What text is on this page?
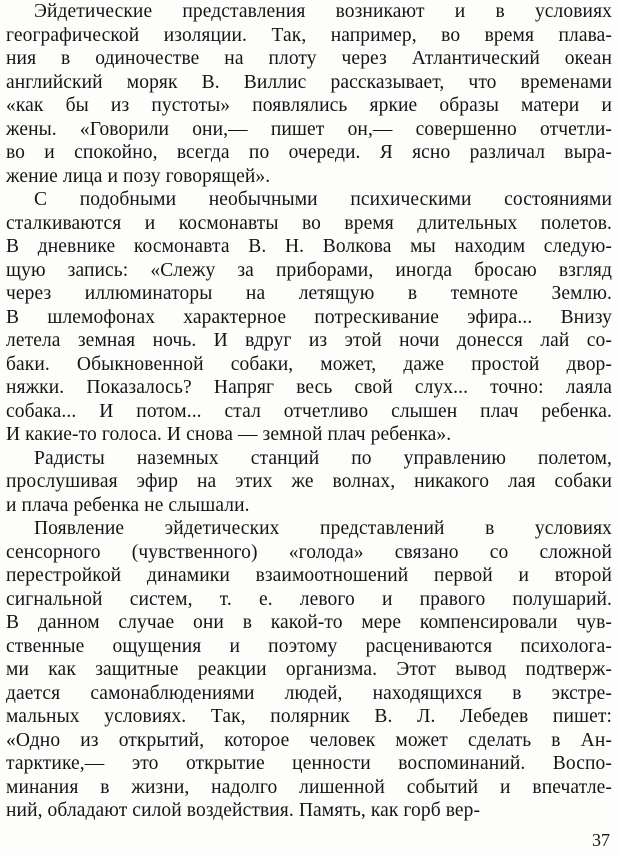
Эйдетические представления возникают и в условиях
географической изоляции. Так, например, во время плава-
ния в одиночестве на плоту через Атлантический океан
английский моряк В. Виллис рассказывает, что временами
«как бы из пустоты» появлялись яркие образы матери и
жены. «Говорили они,— пишет он,— совершенно отчетли-
во и спокойно, всегда по очереди. Я ясно различал выра-
жение лица и позу говорящей».
С подобными необычными психическими состояниями
сталкиваются и космонавты во время длительных полетов.
В дневнике космонавта В. Н. Волкова мы находим следую-
щую запись: «Слежу за приборами, иногда бросаю взгляд
через иллюминаторы на летящую в темноте Землю.
В шлемофонах характерное потрескивание эфира... Внизу
летела земная ночь. И вдруг из этой ночи донесся лай со-
баки. Обыкновенной собаки, может, даже простой двор-
няжки. Показалось? Напряг весь свой слух... точно: лаяла
собака... И потом... стал отчетливо слышен плач ребенка.
И какие-то голоса. И снова — земной плач ребенка».
Радисты наземных станций по управлению полетом,
прослушивая эфир на этих же волнах, никакого лая собаки
и плача ребенка не слышали.
Появление эйдетических представлений в условиях
сенсорного (чувственного) «голода» связано со сложной
перестройкой динамики взаимоотношений первой и второй
сигнальной систем, т. е. левого и правого полушарий.
В данном случае они в какой-то мере компенсировали чув-
ственные ощущения и поэтому расцениваются психолога-
ми как защитные реакции организма. Этот вывод подтверж-
дается самонаблюдениями людей, находящихся в экстре-
мальных условиях. Так, полярник В. Л. Лебедев пишет:
«Одно из открытий, которое человек может сделать в Ан-
тарктике,— это открытие ценности воспоминаний. Воспо-
минания в жизни, надолго лишенной событий и впечатле-
ний, обладают силой воздействия. Память, как горб вер-
37
